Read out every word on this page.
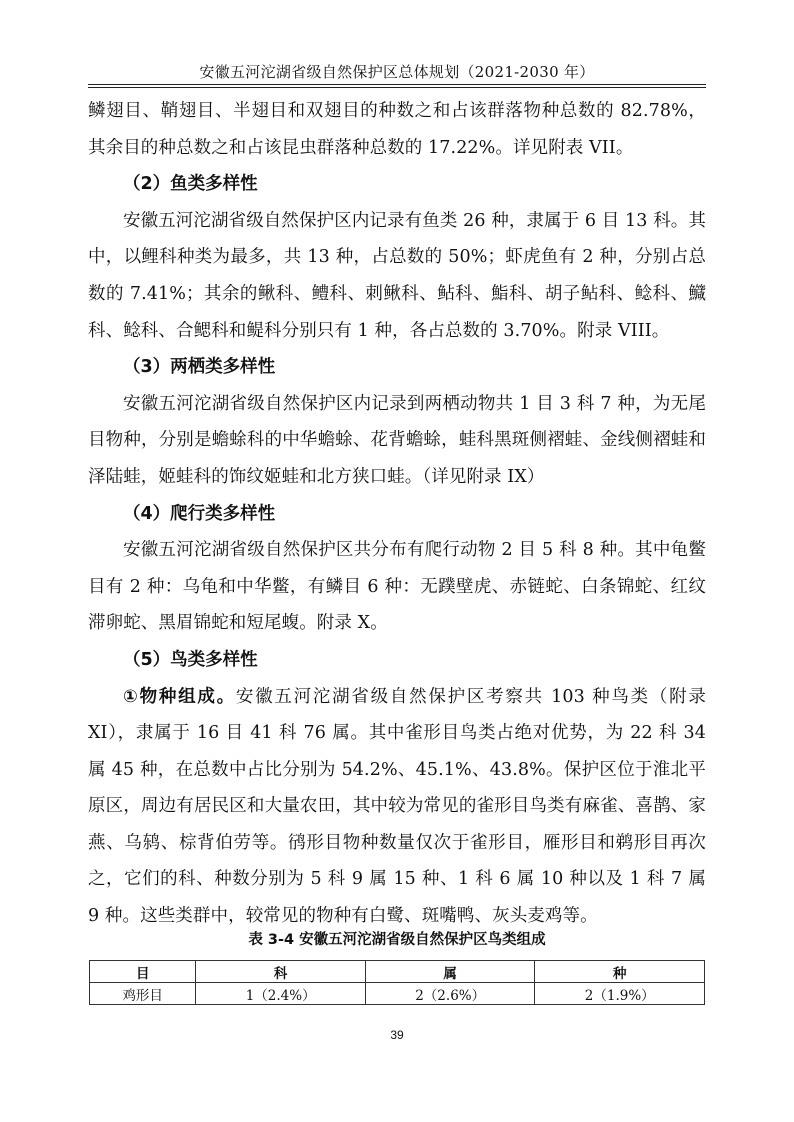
安徽五河沱湖省级自然保护区总体规划（2021-2030 年）

鳞翅目、鞘翅目、半翅目和双翅目的种数之和占该群落物种总数的 82.78%，其余目的种总数之和占该昆虫群落种总数的 17.22%。详见附表 VII。

（2）鱼类多样性

安徽五河沱湖省级自然保护区内记录有鱼类 26 种，隶属于 6 目 13 科。其中，以鲤科种类为最多，共 13 种，占总数的 50%；虾虎鱼有 2 种，分别占总数的 7.41%；其余的鳅科、鳢科、刺鳅科、鲇科、鮨科、胡子鲇科、鲶科、鱵科、鲶科、合鳃科和鳀科分别只有 1 种，各占总数的 3.70%。附录 VIII。

（3）两栖类多样性

安徽五河沱湖省级自然保护区内记录到两栖动物共 1 目 3 科 7 种，为无尾目物种，分别是蟾蜍科的中华蟾蜍、花背蟾蜍，蛙科黑斑侧褶蛙、金线侧褶蛙和泽陆蛙，姬蛙科的饰纹姬蛙和北方狭口蛙。（详见附录 IX）

（4）爬行类多样性

安徽五河沱湖省级自然保护区共分布有爬行动物 2 目 5 科 8 种。其中龟鳖目有 2 种：乌龟和中华鳖，有鳞目 6 种：无蹼壁虎、赤链蛇、白条锦蛇、红纹滞卵蛇、黑眉锦蛇和短尾蝮。附录 X。

（5）鸟类多样性

①物种组成。安徽五河沱湖省级自然保护区考察共 103 种鸟类（附录 XI），隶属于 16 目 41 科 76 属。其中雀形目鸟类占绝对优势，为 22 科 34 属 45 种，在总数中占比分别为 54.2%、45.1%、43.8%。保护区位于淮北平原区，周边有居民区和大量农田，其中较为常见的雀形目鸟类有麻雀、喜鹊、家燕、乌鸫、棕背伯劳等。鸻形目物种数量仅次于雀形目，雁形目和鹈形目再次之，它们的科、种数分别为 5 科 9 属 15 种、1 科 6 属 10 种以及 1 科 7 属 9 种。这些类群中，较常见的物种有白鹭、斑嘴鸭、灰头麦鸡等。

表 3-4 安徽五河沱湖省级自然保护区鸟类组成
目	科	属	种
鸡形目	1（2.4%）	2（2.6%）	2（1.9%）
39
